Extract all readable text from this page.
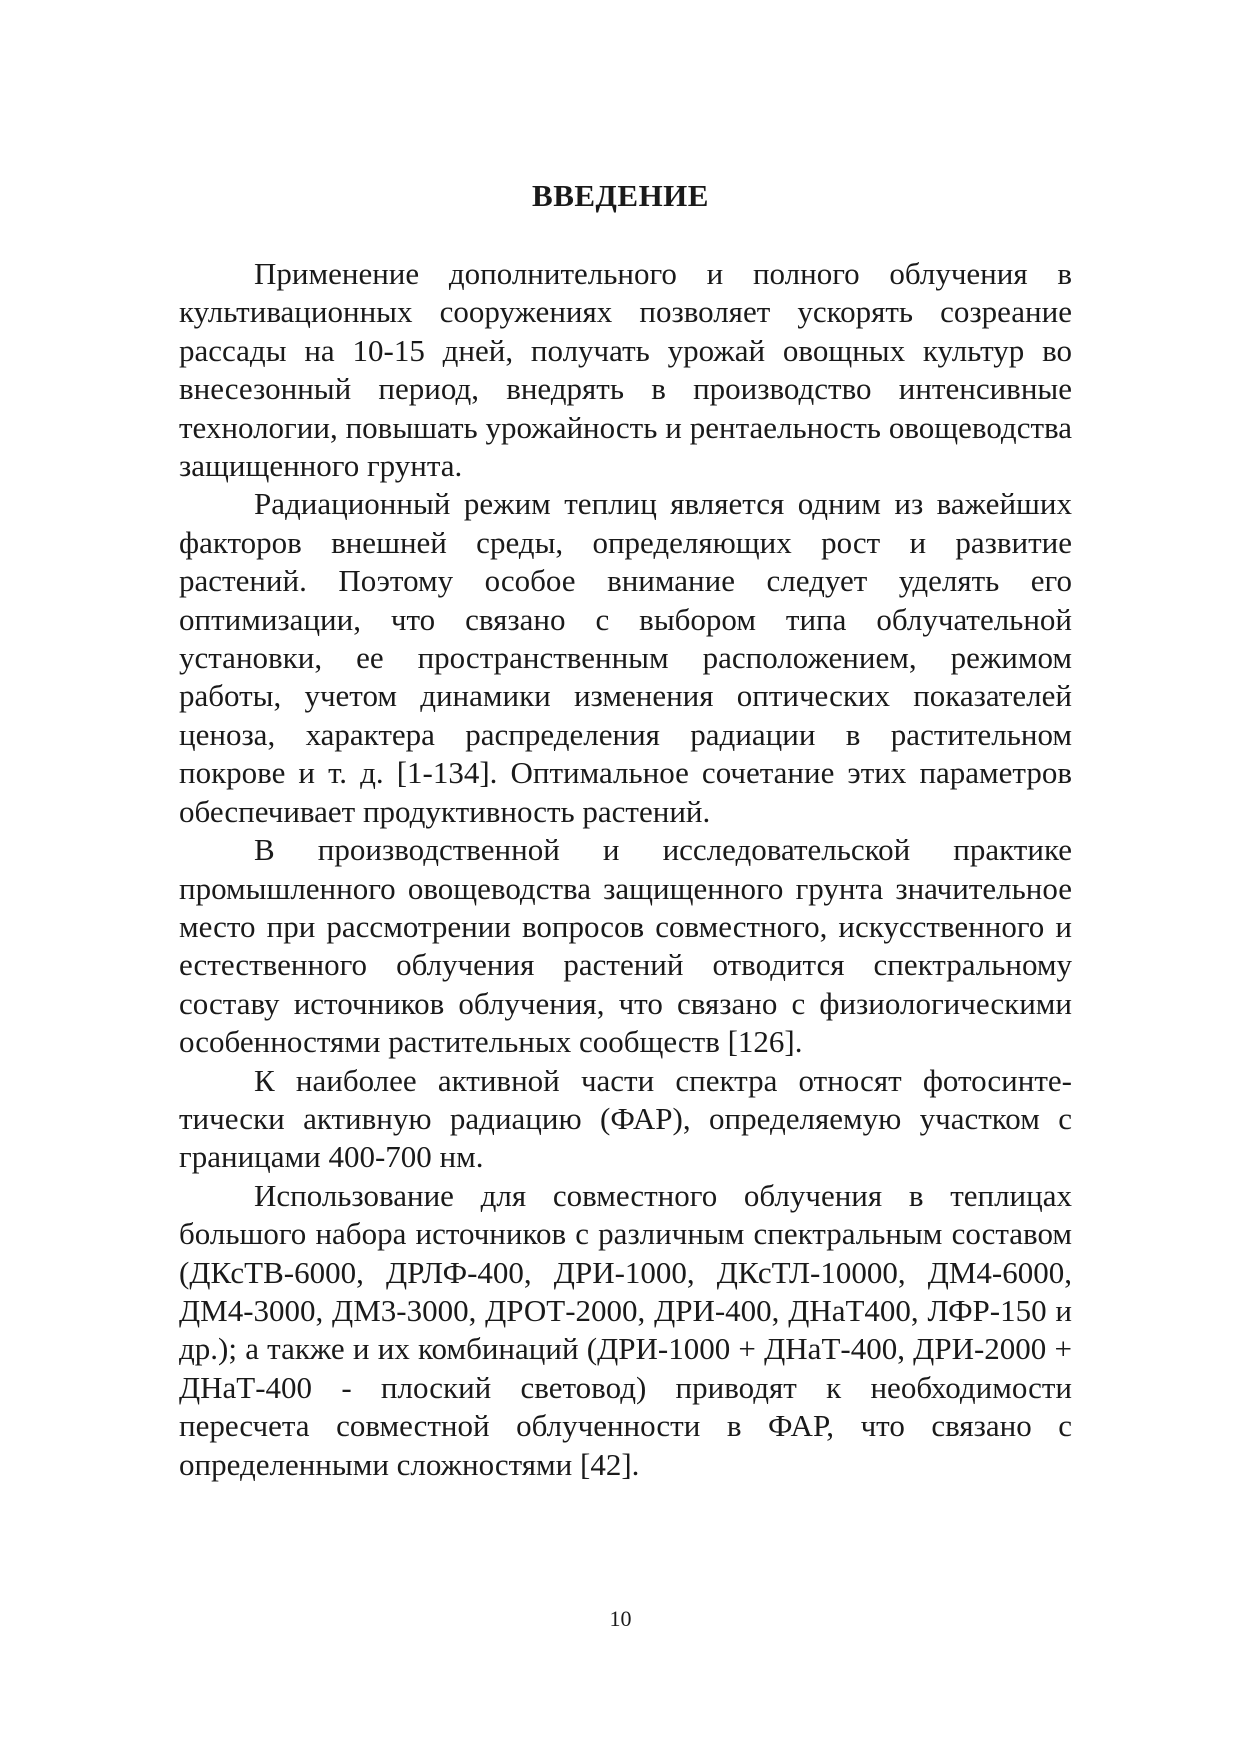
ВВЕДЕНИЕ

Применение дополнительного и полного облучения в культивационных сооружениях позволяет ускорять созреание рассады на 10-15 дней, получать урожай овощных культур во внесезонный период, внедрять в производство интенсивные технологии, повышать урожайность и рентаельность овощеводства защищенного грунта.

Радиационный режим теплиц является одним из важейших факторов внешней среды, определяющих рост и развитие растений. Поэтому особое внимание следует уделять его оптимизации, что связано с выбором типа облучательной установки, ее пространственным расположением, режимом работы, учетом динамики изменения оптических показателей ценоза, характера распределения радиации в растительном покрове и т. д. [1-134]. Оптимальное сочетание этих параметров обеспечивает продуктивность растений.

В производственной и исследовательской практике промышленного овощеводства защищенного грунта значительное место при рассмотрении вопросов совместного, искусственного и естественного облучения растений отводится спектральному составу источников облучения, что связано с физиологическими особенностями растительных сообществ [126].

К наиболее активной части спектра относят фотосинтетически активную радиацию (ФАР), определяемую участком с границами 400-700 нм.

Использование для совместного облучения в теплицах большого набора источников с различным спектральным составом (ДКсТВ-6000, ДРЛФ-400, ДРИ-1000, ДКсТЛ-10000, ДМ4-6000, ДМ4-3000, ДМ3-3000, ДРОТ-2000, ДРИ-400, ДНаТ400, ЛФР-150 и др.); а также и их комбинаций (ДРИ-1000 + ДНаТ-400, ДРИ-2000 + ДНаТ-400 - плоский световод) приводят к необходимости пересчета совместной облученности в ФАР, что связано с определенными сложностями [42].

10
